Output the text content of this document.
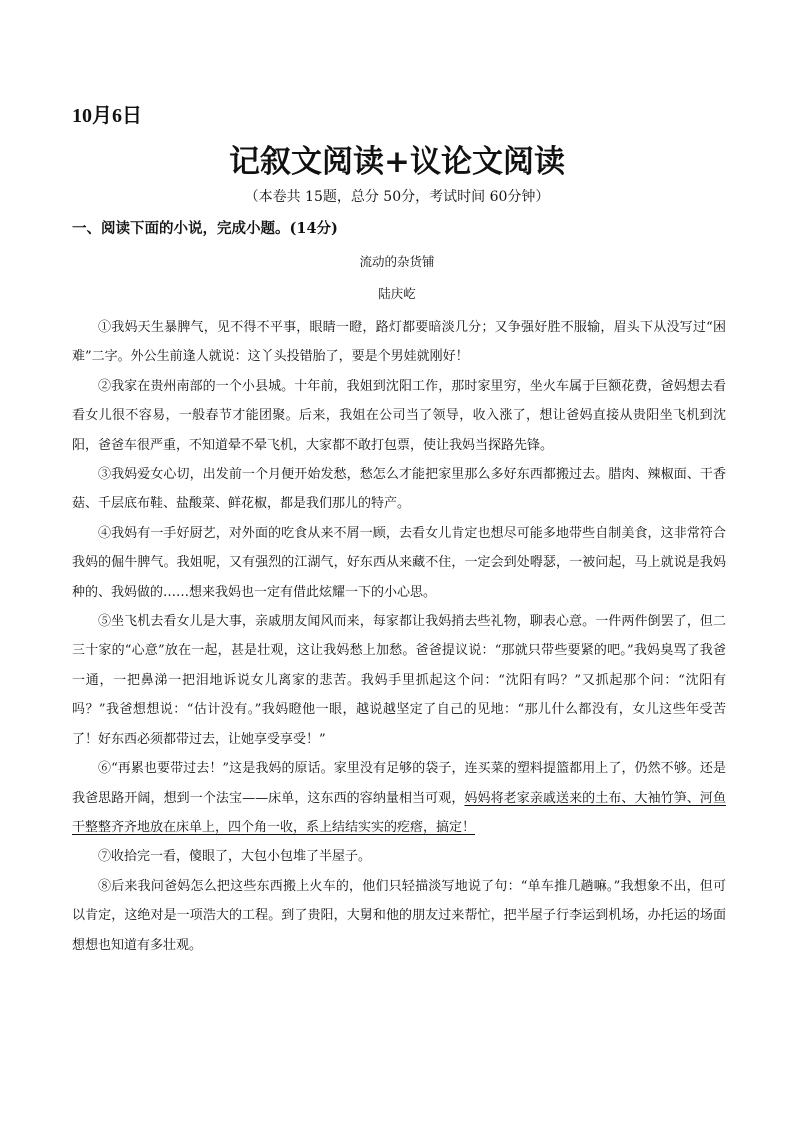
10月6日
记叙文阅读+议论文阅读
（本卷共 15题，总分 50分，考试时间 60分钟）
一、阅读下面的小说，完成小题。(14分)
流动的杂货铺
陆庆屹

①我妈天生暴脾气，见不得不平事，眼睛一瞪，路灯都要暗淡几分；又争强好胜不服输，眉头下从没写过“困难”二字。外公生前逢人就说：这丫头投错胎了，要是个男娃就刚好！

②我家在贵州南部的一个小县城。十年前，我姐到沈阳工作，那时家里穷，坐火车属于巨额花费，爸妈想去看看女儿很不容易，一般春节才能团聚。后来，我姐在公司当了领导，收入涨了，想让爸妈直接从贵阳坐飞机到沈阳，爸爸车很严重，不知道晕不晕飞机，大家都不敢打包票，使让我妈当探路先锋。

③我妈爱女心切，出发前一个月便开始发愁，愁怎么才能把家里那么多好东西都搬过去。腊肉、辣椒面、干香菇、千层底布鞋、盐酸菜、鲜花椒，都是我们那儿的特产。

④我妈有一手好厨艺，对外面的吃食从来不屑一顾，去看女儿肯定也想尽可能多地带些自制美食，这非常符合我妈的倔牛脾气。我姐呢，又有强烈的江湖气，好东西从来藏不住，一定会到处嘚瑟，一被问起，马上就说是我妈种的、我妈做的……想来我妈也一定有借此炫耀一下的小心思。

⑤坐飞机去看女儿是大事，亲戚朋友闻风而来，每家都让我妈捎去些礼物，聊表心意。一件两件倒罢了，但二三十家的“心意”放在一起，甚是壮观，这让我妈愁上加愁。爸爸提议说：“那就只带些要紧的吧。”我妈臭骂了我爸一通，一把鼻涕一把泪地诉说女儿离家的悲苦。我妈手里抓起这个问：“沈阳有吗？”又抓起那个问：“沈阳有吗？”我爸想想说：“估计没有。”我妈瞪他一眼，越说越坚定了自己的见地：“那儿什么都没有，女儿这些年受苦了！好东西必须都带过去，让她享受享受！”

⑥“再累也要带过去！”这是我妈的原话。家里没有足够的袋子，连买菜的塑料提篮都用上了，仍然不够。还是我爸思路开阔，想到一个法宝——床单，这东西的容纳量相当可观，妈妈将老家亲戚送来的土布、大袖竹笋、河鱼干整整齐齐地放在床单上，四个角一收，系上结结实实的疙瘩，搞定！

⑦收拾完一看，傻眼了，大包小包堆了半屋子。

⑧后来我问爸妈怎么把这些东西搬上火车的，他们只轻描淡写地说了句：“单车推几趟嘛。”我想象不出，但可以肯定，这绝对是一项浩大的工程。到了贵阳，大舅和他的朋友过来帮忙，把半屋子行李运到机场，办托运的场面想想也知道有多壮观。
